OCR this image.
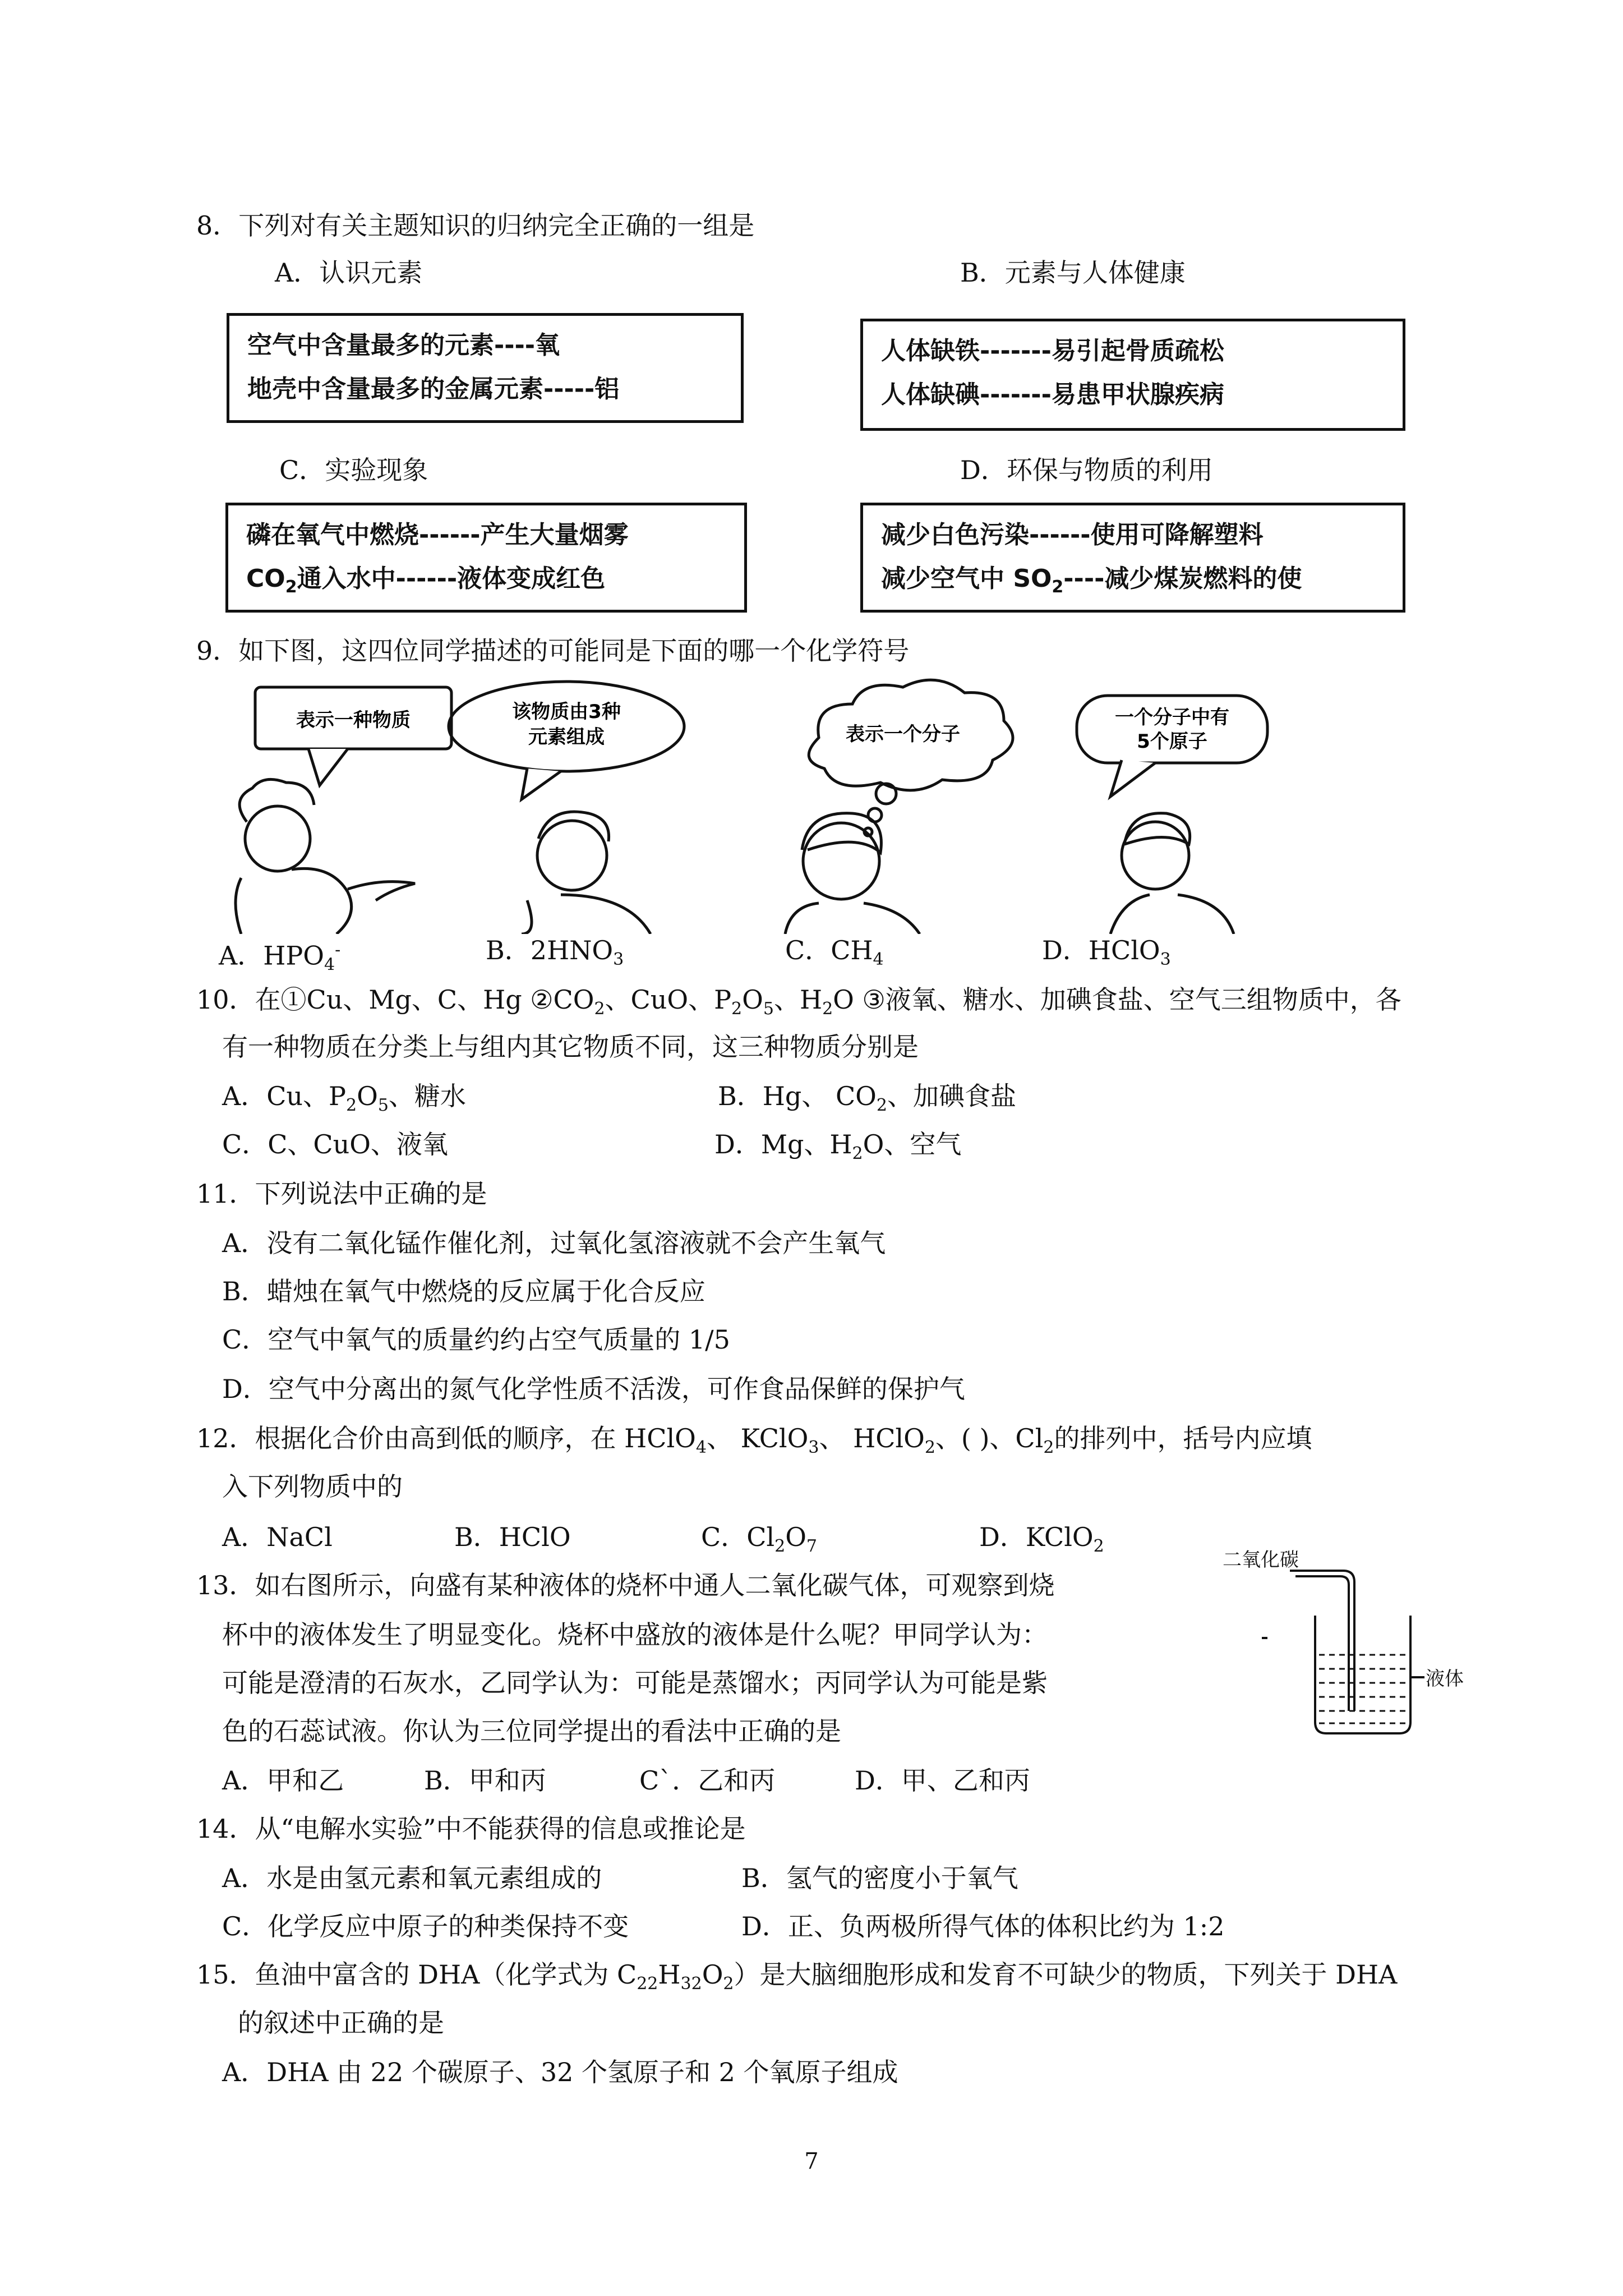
8．下列对有关主题知识的归纳完全正确的一组是
A．认识元素	B．元素与人体健康
空气中含量最多的元素----氧
地壳中含量最多的金属元素-----铝
人体缺铁-------易引起骨质疏松
人体缺碘-------易患甲状腺疾病
C．实验现象	D．环保与物质的利用
磷在氧气中燃烧------产生大量烟雾
$CO_2$通入水中------液体变成红色
减少白色污染------使用可降解塑料
减少空气中 $SO_2----$减少煤炭燃料的使
9．如下图，这四位同学描述的可能同是下面的哪一个化学符号
表示一种物质	该物质由3种
元素组成	表示一个分子
一个分子中有
5个原子
A．$HPO_4^-$	B．$2HNO_3$	C．$CH_4$	D．HClO$_3$
10．在①Cu、Mg、C、Hg $②CO_2$、CuO、$P_2O_5$、$H_2O$ ③液氧、糖水、加碘食盐、空气三组物质中，各
有一种物质在分类上与组内其它物质不同，这三种物质分别是
A．Cu、$P_2O_5$、糖水	B．Hg、 $CO_2$、加碘食盐
C．C、CuO、液氧	D．Mg、$H_2O$、空气
11．下列说法中正确的是
A．没有二氧化锰作催化剂，过氧化氢溶液就不会产生氧气
B．蜡烛在氧气中燃烧的反应属于化合反应
C．空气中氧气的质量约约占空气质量的 1/5
D．空气中分离出的氮气化学性质不活泼，可作食品保鲜的保护气
12．根据化合价由高到低的顺序，在 HClO$_4$、 KClO$_3$、 HClO$_2$、( )、$Cl_2$的排列中，括号内应填
入下列物质中的
A．NaCl	B．HClO	C．$Cl_2O_7$	D．KClO$_2$
13．如右图所示，向盛有某种液体的烧杯中通人二氧化碳气体，可观察到烧
杯中的液体发生了明显变化。烧杯中盛放的液体是什么呢？甲同学认为：
可能是澄清的石灰水，乙同学认为：可能是蒸馏水；丙同学认为可能是紫
色的石蕊试液。你认为三位同学提出的看法中正确的是
A．甲和乙	B．甲和丙	C`．乙和丙	D．甲、乙和丙
二氧化碳
液体
14．从“电解水实验”中不能获得的信息或推论是
A．水是由氢元素和氧元素组成的	B．氢气的密度小于氧气
C．化学反应中原子的种类保持不变	D．正、负两极所得气体的体积比约为 1:2
15．鱼油中富含的 DHA（化学式为 $C_{22}H_{32}O_2$）是大脑细胞形成和发育不可缺少的物质，下列关于 DHA
的叙述中正确的是
A．DHA 由 22 个碳原子、32 个氢原子和 2 个氧原子组成
7
